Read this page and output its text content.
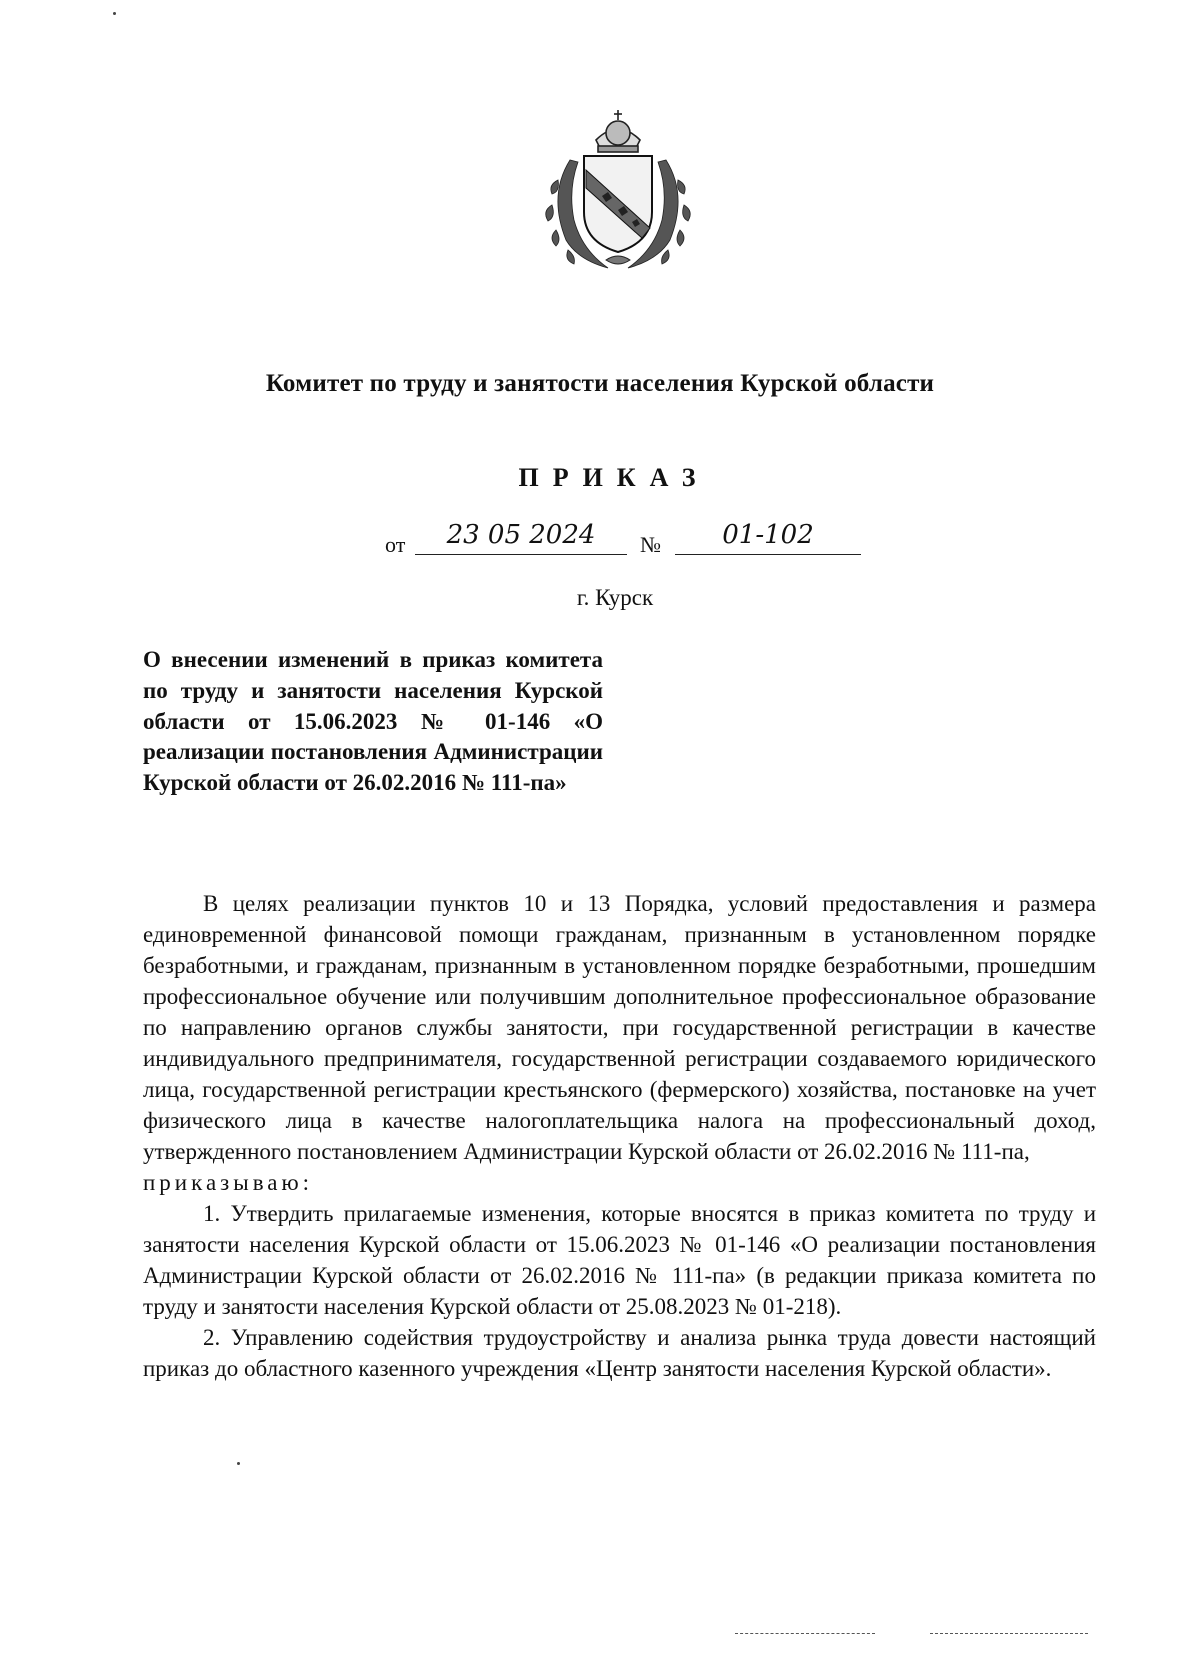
Комитет по труду и занятости населения Курской области
ПРИКАЗ
от	23 05 2024	№	01-102
г. Курск
О внесении изменений в приказ комитета по труду и занятости населения Курской области от 15.06.2023 № 01-146 «О реализации постановления Администрации Курской области от 26.02.2016 № 111-па»

В целях реализации пунктов 10 и 13 Порядка, условий предоставления и размера единовременной финансовой помощи гражданам, признанным в установленном порядке безработными, и гражданам, признанным в установленном порядке безработными, прошедшим профессиональное обучение или получившим дополнительное профессиональное образование по направлению органов службы занятости, при государственной регистрации в качестве индивидуального предпринимателя, государственной регистрации создаваемого юридического лица, государственной регистрации крестьянского (фермерского) хозяйства, постановке на учет физического лица в качестве налогоплательщика налога на профессиональный доход, утвержденного постановлением Администрации Курской области от 26.02.2016 № 111-па,

приказываю:

1. Утвердить прилагаемые изменения, которые вносятся в приказ комитета по труду и занятости населения Курской области от 15.06.2023 № 01-146 «О реализации постановления Администрации Курской области от 26.02.2016 № 111-па» (в редакции приказа комитета по труду и занятости населения Курской области от 25.08.2023 № 01-218).

2. Управлению содействия трудоустройству и анализа рынка труда довести настоящий приказ до областного казенного учреждения «Центр занятости населения Курской области».
